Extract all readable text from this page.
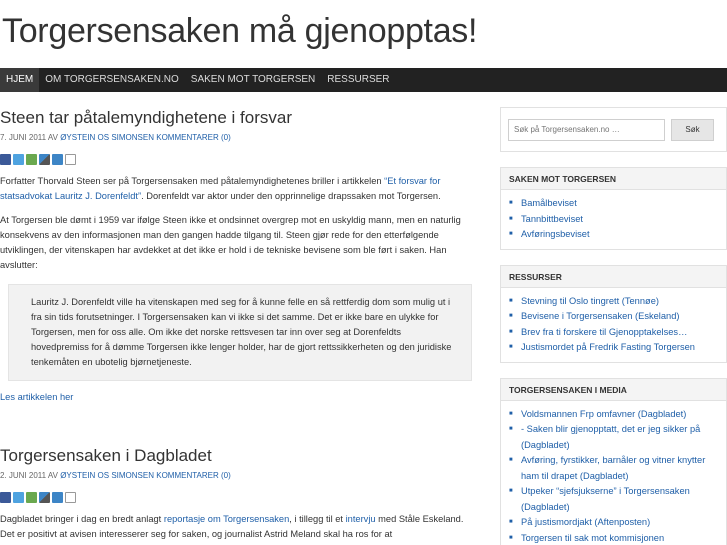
Torgersensaken må gjenopptas!
HJEM	OM TORGERSENSAKEN.NO	SAKEN MOT TORGERSEN	RESSURSER
Steen tar påtalemyndighetene i forsvar
7. JUNI 2011 AV ØYSTEIN OS SIMONSEN KOMMENTARER (0)

Forfatter Thorvald Steen ser på Torgersensaken med påtalemyndighetenes briller i artikkelen “Et forsvar for statsadvokat Lauritz J. Dorenfeldt”. Dorenfeldt var aktor under den opprinnelige drapssaken mot Torgersen.

At Torgersen ble dømt i 1959 var ifølge Steen ikke et ondsinnet overgrep mot en uskyldig mann, men en naturlig konsekvens av den informasjonen man den gangen hadde tilgang til. Steen gjør rede for den etterfølgende utviklingen, der vitenskapen har avdekket at det ikke er hold i de tekniske bevisene som ble ført i saken. Han avslutter:

Lauritz J. Dorenfeldt ville ha vitenskapen med seg for å kunne felle en så rettferdig dom som mulig ut i fra sin tids forutsetninger. I Torgersensaken kan vi ikke si det samme. Det er ikke bare en ulykke for Torgersen, men for oss alle. Om ikke det norske rettsvesen tar inn over seg at Dorenfeldts hovedpremiss for å dømme Torgersen ikke lenger holder, har de gjort rettssikkerheten og den juridiske tenkemåten en ubotelig bjørnetjeneste.
Les artikkelen her
Torgersensaken i Dagbladet
2. JUNI 2011 AV ØYSTEIN OS SIMONSEN KOMMENTARER (0)

Dagbladet bringer i dag en bredt anlagt reportasje om Torgersensaken, i tillegg til et intervju med Ståle Eskeland. Det er positivt at avisen interesserer seg for saken, og journalist Astrid Meland skal ha ros for at

Søk på Torgersensaken.no …
Søk
SAKEN MOT TORGERSEN
■ Bamålbeviset
■ Tannbittbeviset
■ Avføringsbeviset
RESSURSER
■ Stevning til Oslo tingrett (Tennøe)
■ Bevisene i Torgersensaken (Eskeland)
■ Brev fra ti forskere til Gjenopptakelses…
■ Justismordet på Fredrik Fasting Torgersen
TORGERSENSAKEN I MEDIA
■ Voldsmannen Frp omfavner (Dagbladet)
■ - Saken blir gjenopptatt, det er jeg sikker på (Dagbladet)
■ Avføring, fyrstikker, barnåler og vitner knytter ham til drapet (Dagbladet)
■ Utpeker “sjefsjukserne” i Torgersensaken (Dagbladet)
■ På justismordjakt (Aftenposten)
■ Torgersen til sak mot kommisjonen
